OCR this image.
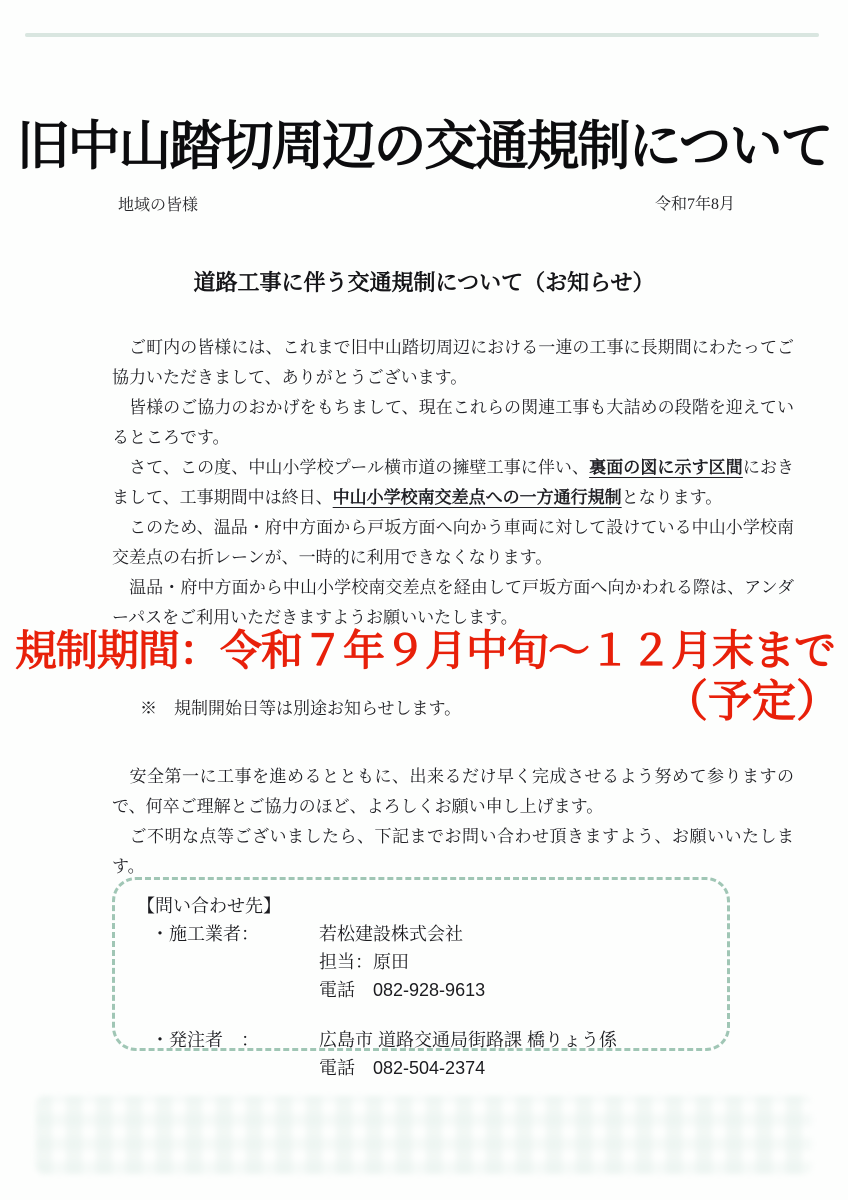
旧中山踏切周辺の交通規制について
地域の皆様	令和7年8月
道路工事に伴う交通規制について（お知らせ）

　ご町内の皆様には、これまで旧中山踏切周辺における一連の工事に長期間にわたってご協力いただきまして、ありがとうございます。

　皆様のご協力のおかげをもちまして、現在これらの関連工事も大詰めの段階を迎えているところです。

　さて、この度、中山小学校プール横市道の擁壁工事に伴い、裏面の図に示す区間におきまして、工事期間中は終日、中山小学校南交差点への一方通行規制となります。

　このため、温品・府中方面から戸坂方面へ向かう車両に対して設けている中山小学校南交差点の右折レーンが、一時的に利用できなくなります。

　温品・府中方面から中山小学校南交差点を経由して戸坂方面へ向かわれる際は、アンダーパスをご利用いただきますようお願いいたします。

規制期間：令和７年９月中旬～１２月末まで
（予定）
※　規制開始日等は別途お知らせします。

　安全第一に工事を進めるとともに、出来るだけ早く完成させるよう努めて参りますので、何卒ご理解とご協力のほど、よろしくお願い申し上げます。

　ご不明な点等ございましたら、下記までお問い合わせ頂きますよう、お願いいたします。

【問い合わせ先】
・施工業者：	若松建設株式会社
担当：原田
電話　082-928-9613
・発注者　：	広島市 道路交通局街路課 橋りょう係
電話　082-504-2374
